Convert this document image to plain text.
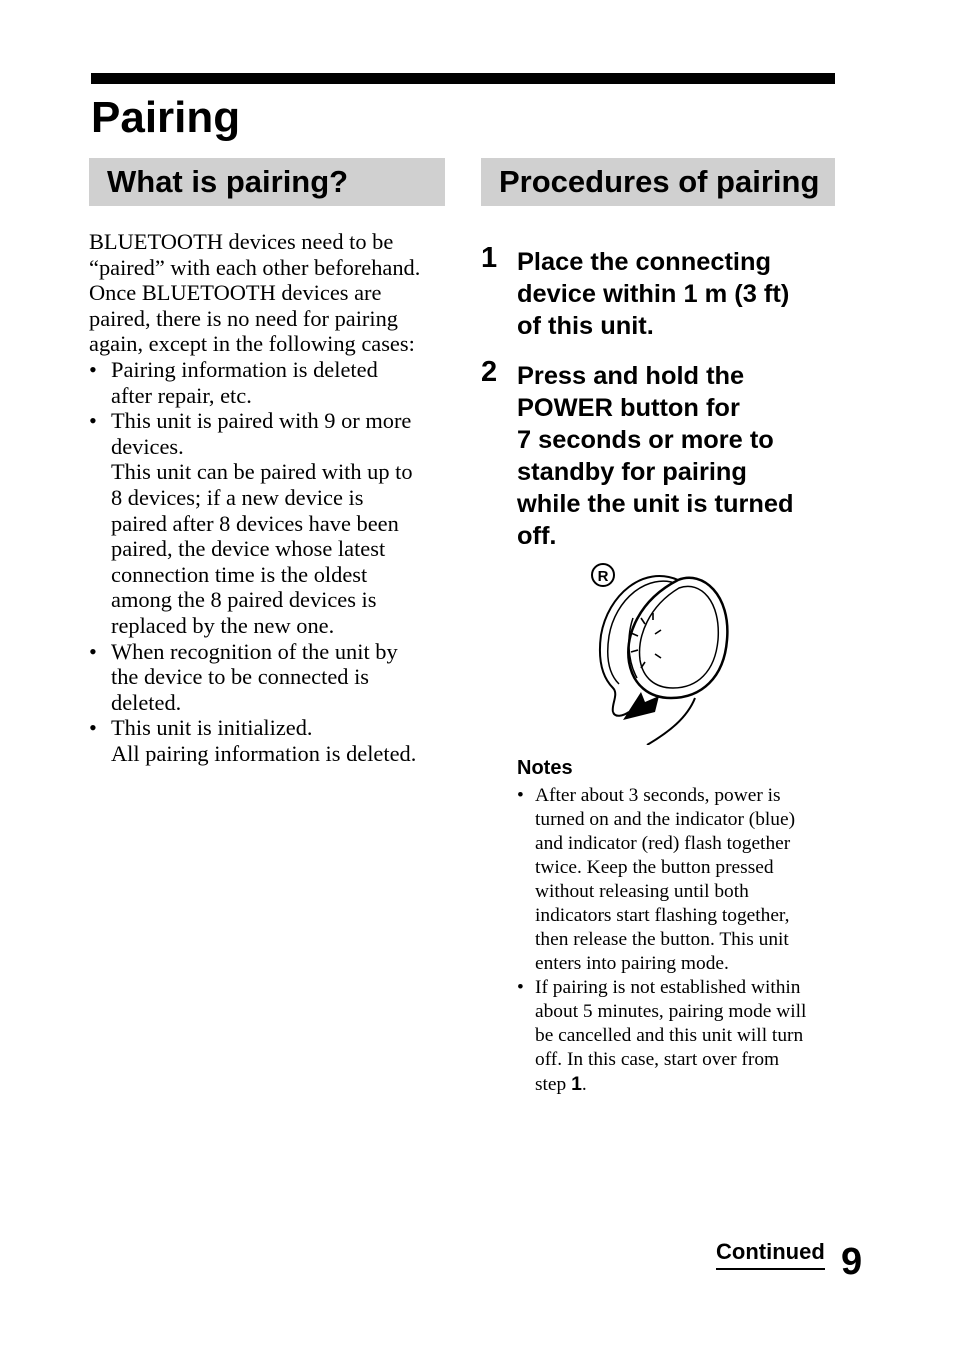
Pairing
What is pairing?	Procedures of pairing

BLUETOOTH devices need to be
“paired” with each other beforehand.
Once BLUETOOTH devices are
paired, there is no need for pairing
again, except in the following cases:

• Pairing information is deleted
after repair, etc.
• This unit is paired with 9 or more
devices.
This unit can be paired with up to
8 devices; if a new device is
paired after 8 devices have been
paired, the device whose latest
connection time is the oldest
among the 8 paired devices is
replaced by the new one.
• When recognition of the unit by
the device to be connected is
deleted.
• This unit is initialized.
All pairing information is deleted.
1 Place the connecting
device within 1 m (3 ft)
of this unit.
2 Press and hold the
POWER button for
7 seconds or more to
standby for pairing
while the unit is turned
off.
R
Notes
• After about 3 seconds, power is
turned on and the indicator (blue)
and indicator (red) flash together
twice. Keep the button pressed
without releasing until both
indicators start flashing together,
then release the button. This unit
enters into pairing mode.
• If pairing is not established within
about 5 minutes, pairing mode will
be cancelled and this unit will turn
off. In this case, start over from
step 1.
Continued 9
